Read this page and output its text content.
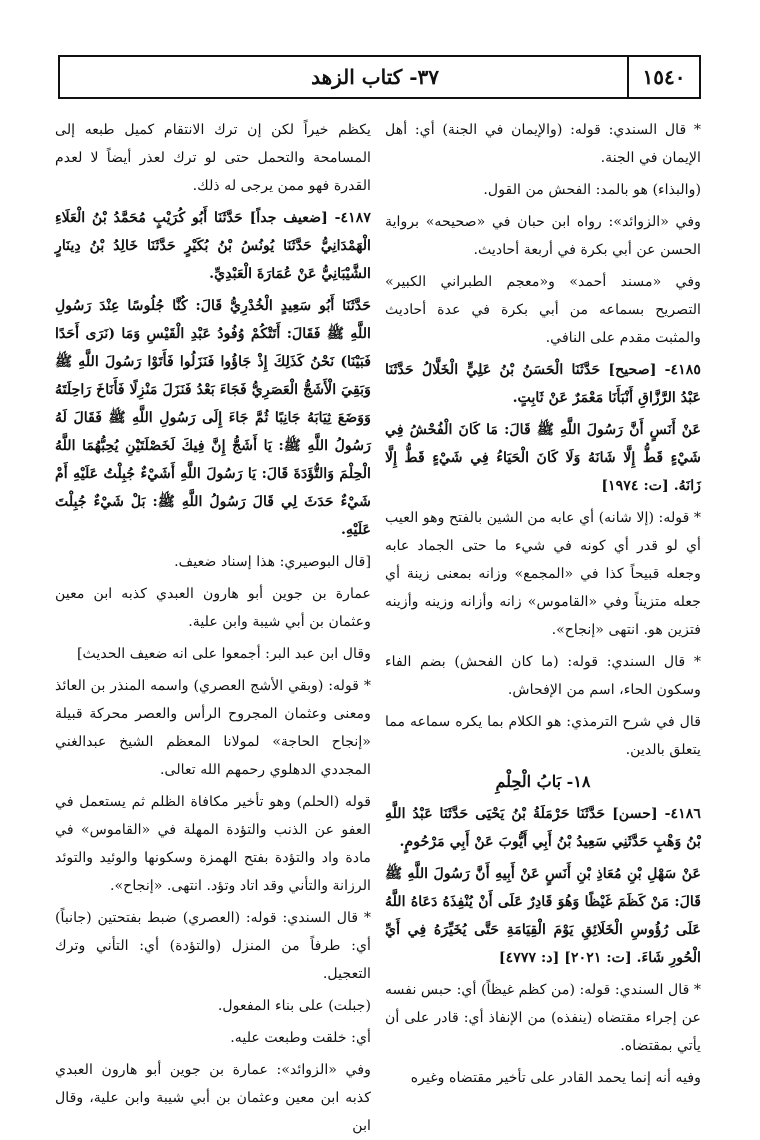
١٥٤٠
٣٧- كتاب الزهد

* قال السندي: قوله: (والإيمان في الجنة) أي: أهل الإيمان في الجنة.

(والبذاء) هو بالمد: الفحش من القول.

وفي «الزوائد»: رواه ابن حبان في «صحيحه» برواية الحسن عن أبي بكرة في أربعة أحاديث.

وفي «مسند أحمد» و«معجم الطبراني الكبير» التصريح بسماعه من أبي بكرة في عدة أحاديث والمثبت مقدم على النافي.

٤١٨٥- [صحيح] حَدَّثَنَا الْحَسَنُ بْنُ عَلِيٍّ الْخَلَّالُ حَدَّثَنَا عَبْدُ الرَّزَّاقِ أَنْبَأَنَا مَعْمَرٌ عَنْ ثَابِتٍ.

عَنْ أَنَسٍ أَنَّ رَسُولَ اللَّهِ ﷺ قَالَ: مَا كَانَ الْفُحْشُ فِي شَيْءٍ قَطُّ إِلَّا شَانَهُ وَلَا كَانَ الْحَيَاءُ فِي شَيْءٍ قَطُّ إِلَّا زَانَهُ. [ت: ١٩٧٤]

* قوله: (إلا شانه) أي عابه من الشين بالفتح وهو العيب أي لو قدر أي كونه في شيء ما حتى الجماد عابه وجعله قبيحاً كذا في «المجمع» وزانه بمعنى زينة أي جعله متزيناً وفي «القاموس» زانه وأزانه وزينه وأزينه فتزين هو. انتهى «إنجاح».

* قال السندي: قوله: (ما كان الفحش) بضم الفاء وسكون الحاء، اسم من الإفحاش.

قال في شرح الترمذي: هو الكلام بما يكره سماعه مما يتعلق بالدين.

١٨- بَابُ الْحِلْمِ

٤١٨٦- [حسن] حَدَّثَنَا حَرْمَلَةُ بْنُ يَحْيَى حَدَّثَنَا عَبْدُ اللَّهِ بْنُ وَهْبٍ حَدَّثَنِي سَعِيدُ بْنُ أَبِي أَيُّوبَ عَنْ أَبِي مَرْحُومٍ.

عَنْ سَهْلِ بْنِ مُعَاذِ بْنِ أَنَسٍ عَنْ أَبِيهِ أَنَّ رَسُولَ اللَّهِ ﷺ قَالَ: مَنْ كَظَمَ غَيْظًا وَهُوَ قَادِرٌ عَلَى أَنْ يُنْفِذَهُ دَعَاهُ اللَّهُ عَلَى رُؤُوسِ الْخَلَائِقِ يَوْمَ الْقِيَامَةِ حَتَّى يُخَيِّرَهُ فِي أَيِّ الْحُورِ شَاءَ. [ت: ٢٠٢١] [د: ٤٧٧٧]

* قال السندي: قوله: (من كظم غيظاً) أي: حبس نفسه عن إجراء مقتضاه (ينفذه) من الإنفاذ أي: قادر على أن يأتي بمقتضاه.

وفيه أنه إنما يحمد القادر على تأخير مقتضاه وغيره

يكظم خيراً لكن إن ترك الانتقام كميل طبعه إلى المسامحة والتحمل حتى لو ترك لعذر أيضاً لا لعدم القدرة فهو ممن يرجى له ذلك.

٤١٨٧- [ضعيف جداً] حَدَّثَنَا أَبُو كُرَيْبٍ مُحَمَّدُ بْنُ الْعَلَاءِ الْهَمْدَانِيُّ حَدَّثَنَا يُونُسُ بْنُ بُكَيْرٍ حَدَّثَنَا خَالِدُ بْنُ دِينَارٍ الشَّيْبَانِيُّ عَنْ عُمَارَةَ الْعَبْدِيِّ.

حَدَّثَنَا أَبُو سَعِيدٍ الْخُدْرِيُّ قَالَ: كُنَّا جُلُوسًا عِنْدَ رَسُولِ اللَّهِ ﷺ فَقَالَ: أَتَتْكُمْ وُفُودُ عَبْدِ الْقَيْسِ وَمَا (نَرَى أَحَدًا فَبَيْنَا) نَحْنُ كَذَلِكَ إِذْ جَاؤُوا فَنَزَلُوا فَأَتَوْا رَسُولَ اللَّهِ ﷺ وَبَقِيَ الْأَشَجُّ الْعَصَرِيُّ فَجَاءَ بَعْدُ فَنَزَلَ مَنْزِلًا فَأَنَاخَ رَاحِلَتَهُ وَوَضَعَ ثِيَابَهُ جَانِبًا ثُمَّ جَاءَ إِلَى رَسُولِ اللَّهِ ﷺ فَقَالَ لَهُ رَسُولُ اللَّهِ ﷺ: يَا أَشَجُّ إِنَّ فِيكَ لَخَصْلَتَيْنِ يُحِبُّهُمَا اللَّهُ الْحِلْمَ وَالتُّؤَدَةَ قَالَ: يَا رَسُولَ اللَّهِ أَشَيْءٌ جُبِلْتُ عَلَيْهِ أَمْ شَيْءٌ حَدَثَ لِي قَالَ رَسُولُ اللَّهِ ﷺ: بَلْ شَيْءٌ جُبِلْتَ عَلَيْهِ.

[قال البوصيري: هذا إسناد ضعيف.

عمارة بن جوين أبو هارون العبدي كذبه ابن معين وعثمان بن أبي شيبة وابن علية.

وقال ابن عبد البر: أجمعوا على انه ضعيف الحديث]

* قوله: (وبقي الأشج العصري) واسمه المنذر بن العائذ ومعنى وعثمان المجروح الرأس والعصر محركة قبيلة «إنجاح الحاجة» لمولانا المعظم الشيخ عبدالغني المجددي الدهلوي رحمهم الله تعالى.

قوله (الحلم) وهو تأخير مكافاة الظلم ثم يستعمل في العفو عن الذنب والتؤدة المهلة في «القاموس» في مادة واد والتؤدة بفتح الهمزة وسكونها والوئيد والتوئد الرزانة والتأني وقد اتاد وتؤد. انتهى. «إنجاح».

* قال السندي: قوله: (العصري) ضبط بفتحتين (جانباً) أي: طرفاً من المنزل (والتؤدة) أي: التأني وترك التعجيل.

(جبلت) على بناء المفعول.

أي: خلقت وطبعت عليه.

وفي «الزوائد»: عمارة بن جوين أبو هارون العبدي كذبه ابن معين وعثمان بن أبي شيبة وابن علية، وقال ابن
